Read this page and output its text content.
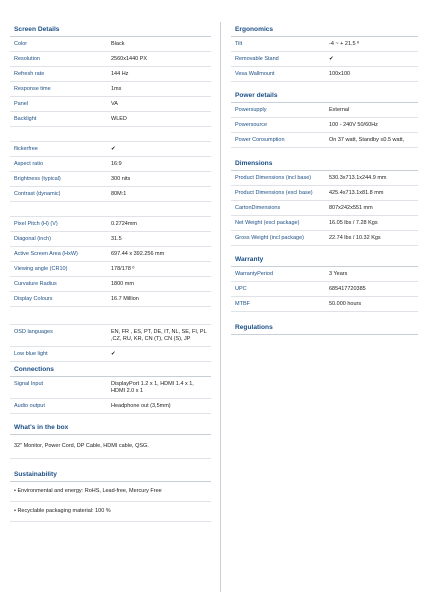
Screen Details
Color	Black
Resolution	2560x1440 PX
Refresh rate	144 Hz
Response time	1ms
Panel	VA
Backlight	WLED
flickerfree	✔
Aspect ratio	16:9
Brightness (typical)	300 nits
Contrast (dynamic)	80M:1
Pixel Pitch (H) (V)	0.2724mm
Diagonal (inch)	31.5
Active Screen Area (HxW)	697.44 x 392.256 mm
Viewing angle (CR10)	178/178 º
Curvature Radius	1800 mm
Display Colours	16.7 Million
OSD languages	EN, FR , ES, PT, DE, IT, NL, SE, FI, PL ,CZ, RU, KR, CN (T), CN (S), JP
Low blue light	✔
Connections
Signal Input	DisplayPort 1.2 x 1, HDMI 1.4 x 1, HDMI 2.0 x 1
Audio output	Headphone out (3,5mm)
What's in the box
32" Monitor, Power Cord, DP Cable, HDMI cable, QSG.
Sustainability
• Environmental and energy: RoHS, Lead-free, Mercury Free
• Recyclable packaging material: 100 %
Ergonomics
Tilt	-4 ~ + 21.5 º
Removable Stand	✔
Vesa Wallmount	100x100
Power details
Powersupply	External
Powersource	100 - 240V 50/60Hz
Power Consumption	On 37 watt, Standby ≤0.5 watt,
Dimensions
Product Dimensions (incl base)	530.3x713.1x244.9 mm
Product Dimensions (excl base)	425.4x713.1x81.8 mm
CartonDimensions	807x242x551 mm
Net Weight (excl package)	16.05 lbs / 7.28 Kgs
Gross Weight (incl package)	22.74 lbs / 10.32 Kgs
Warranty
WarrantyPeriod	3 Years
UPC	685417720385
MTBF	50.000 hours
Regulations
